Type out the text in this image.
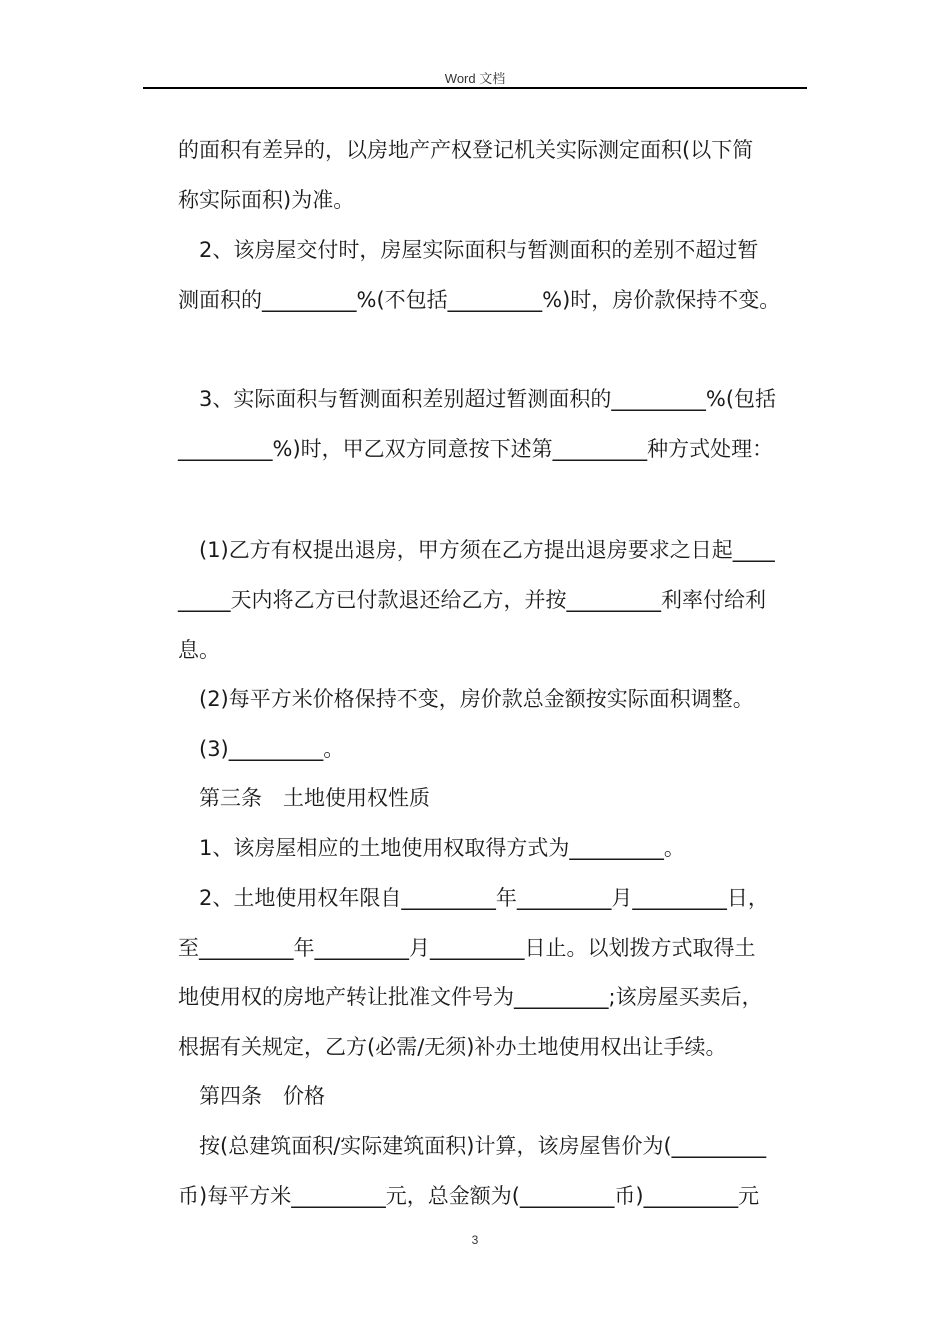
Word 文档
的面积有差异的，以房地产产权登记机关实际测定面积(以下简
称实际面积)为准。
2、该房屋交付时，房屋实际面积与暂测面积的差别不超过暂
测面积的_________%(不包括_________%)时，房价款保持不变。
3、实际面积与暂测面积差别超过暂测面积的_________%(包括
_________%)时，甲乙双方同意按下述第_________种方式处理：
(1)乙方有权提出退房，甲方须在乙方提出退房要求之日起____
_____天内将乙方已付款退还给乙方，并按_________利率付给利
息。
(2)每平方米价格保持不变，房价款总金额按实际面积调整。
(3)_________。
第三条　土地使用权性质
1、该房屋相应的土地使用权取得方式为_________。
2、土地使用权年限自_________年_________月_________日，
至_________年_________月_________日止。以划拨方式取得土
地使用权的房地产转让批准文件号为_________;该房屋买卖后，
根据有关规定，乙方(必需/无须)补办土地使用权出让手续。
第四条　价格
按(总建筑面积/实际建筑面积)计算，该房屋售价为(_________
币)每平方米_________元，总金额为(_________币)_________元
3
